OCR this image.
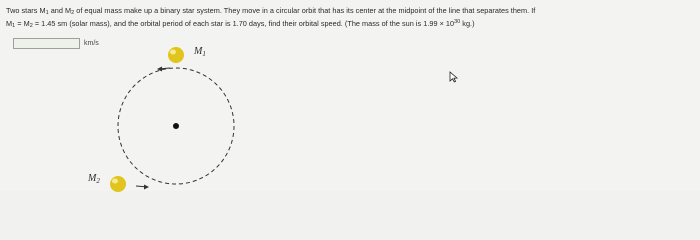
Two stars $M_1$ and $M_2$ of equal mass make up a binary star system. They move in a circular orbit that has its center at the midpoint of the line that separates them. If
$M_1 = M_2 = 1.45$ sm (solar mass), and the orbital period of each star is 1.70 days, find their orbital speed. (The mass of the sun is $1.99 \times 10^{30}$ kg.)
km/s
$M_1$
$M_2$
